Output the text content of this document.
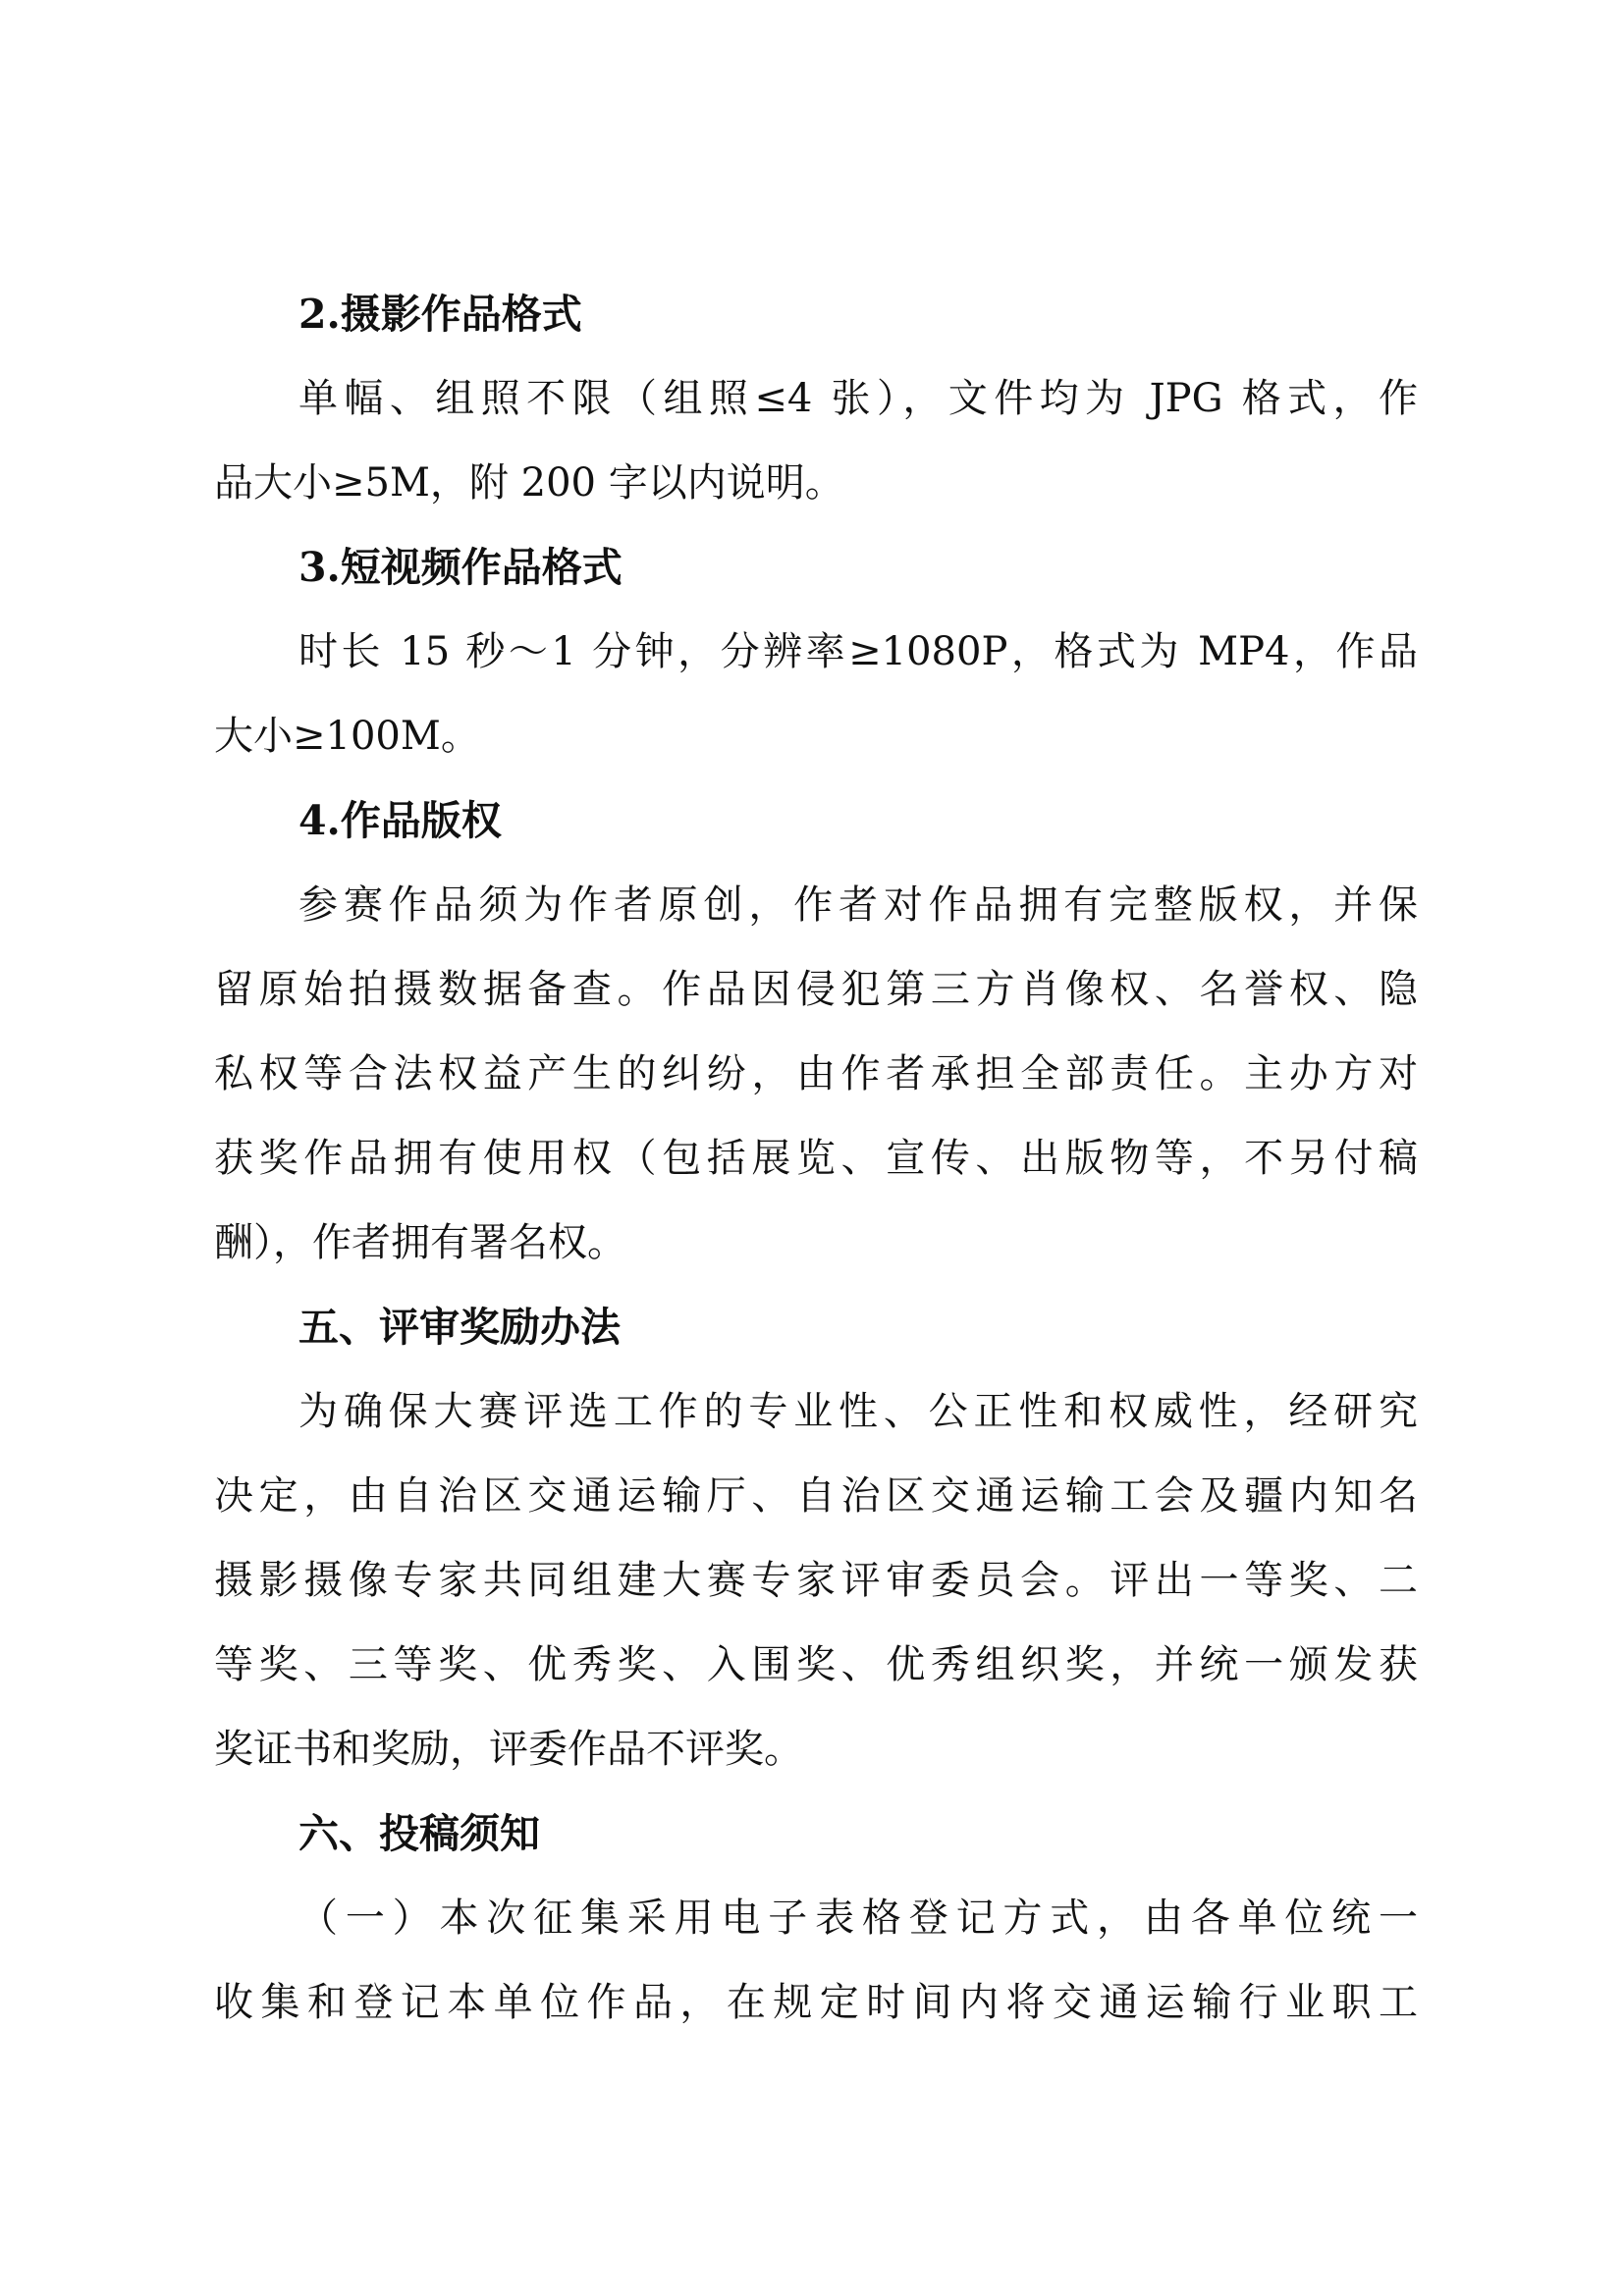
2.摄影作品格式
单幅、组照不限（组照≤4 张），文件均为 JPG 格式，作
品大小≥5M，附 200 字以内说明。
3.短视频作品格式
时长 15 秒～1 分钟，分辨率≥1080P，格式为 MP4，作品
大小≥100M。
4.作品版权
参赛作品须为作者原创，作者对作品拥有完整版权，并保
留原始拍摄数据备查。作品因侵犯第三方肖像权、名誉权、隐
私权等合法权益产生的纠纷，由作者承担全部责任。主办方对
获奖作品拥有使用权（包括展览、宣传、出版物等，不另付稿
酬），作者拥有署名权。
五、评审奖励办法
为确保大赛评选工作的专业性、公正性和权威性，经研究
决定，由自治区交通运输厅、自治区交通运输工会及疆内知名
摄影摄像专家共同组建大赛专家评审委员会。评出一等奖、二
等奖、三等奖、优秀奖、入围奖、优秀组织奖，并统一颁发获
奖证书和奖励，评委作品不评奖。
六、投稿须知
（一）本次征集采用电子表格登记方式，由各单位统一
收集和登记本单位作品，在规定时间内将交通运输行业职工
